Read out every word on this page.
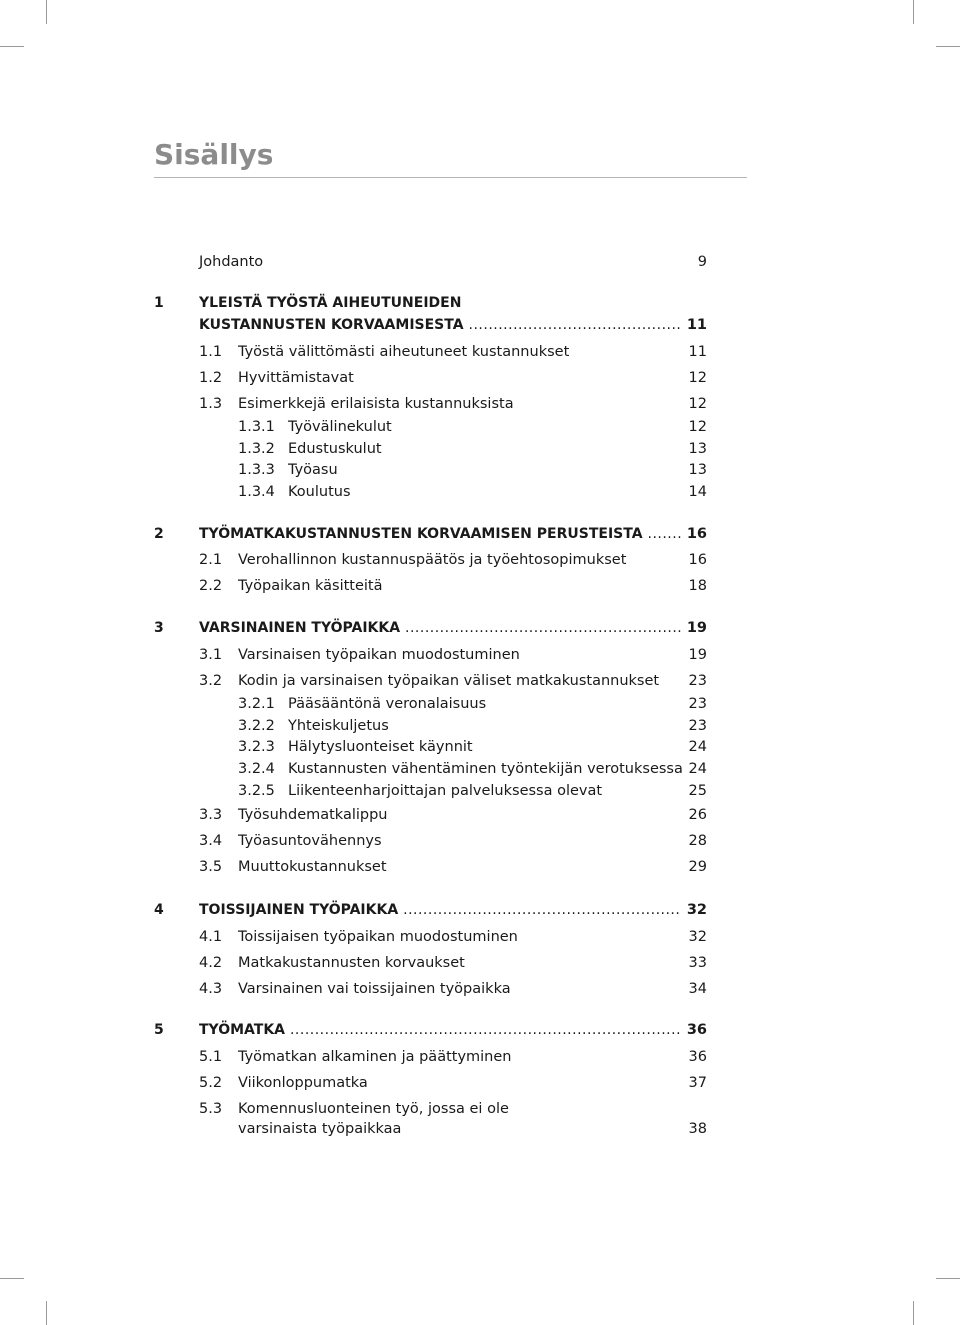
Sisällys
Johdanto	9
1	YLEISTÄ TYÖSTÄ AIHEUTUNEIDEN
KUSTANNUSTEN KORVAAMISESTA ........................................... 11
1.1 Työstä välittömästi aiheutuneet kustannukset	11
1.2 Hyvittämistavat	12
1.3 Esimerkkejä erilaisista kustannuksista	12
1.3.1 Työvälinekulut	12
1.3.2 Edustuskulut	13
1.3.3 Työasu	13
1.3.4 Koulutus	14
2	TYÖMATKAKUSTANNUSTEN KORVAAMISEN PERUSTEISTA ....... 16
2.1 Verohallinnon kustannuspäätös ja työehtosopimukset	16
2.2 Työpaikan käsitteitä	18
3	VARSINAINEN TYÖPAIKKA ........................................................ 19
3.1 Varsinaisen työpaikan muodostuminen	19
3.2 Kodin ja varsinaisen työpaikan väliset matkakustannukset	23
3.2.1 Pääsääntönä veronalaisuus	23
3.2.2 Yhteiskuljetus	23
3.2.3 Hälytysluonteiset käynnit	24
3.2.4 Kustannusten vähentäminen työntekijän verotuksessa 24
3.2.5 Liikenteenharjoittajan palveluksessa olevat	25
3.3 Työsuhdematkalippu	26
3.4 Työasuntovähennys	28
3.5 Muuttokustannukset	29
4	TOISSIJAINEN TYÖPAIKKA ........................................................ 32
4.1 Toissijaisen työpaikan muodostuminen	32
4.2 Matkakustannusten korvaukset	33
4.3 Varsinainen vai toissijainen työpaikka	34
5	TYÖMATKA ............................................................................... 36
5.1 Työmatkan alkaminen ja päättyminen	36
5.2 Viikonloppumatka	37
5.3 Komennusluonteinen työ, jossa ei ole
varsinaista työpaikkaa	38
